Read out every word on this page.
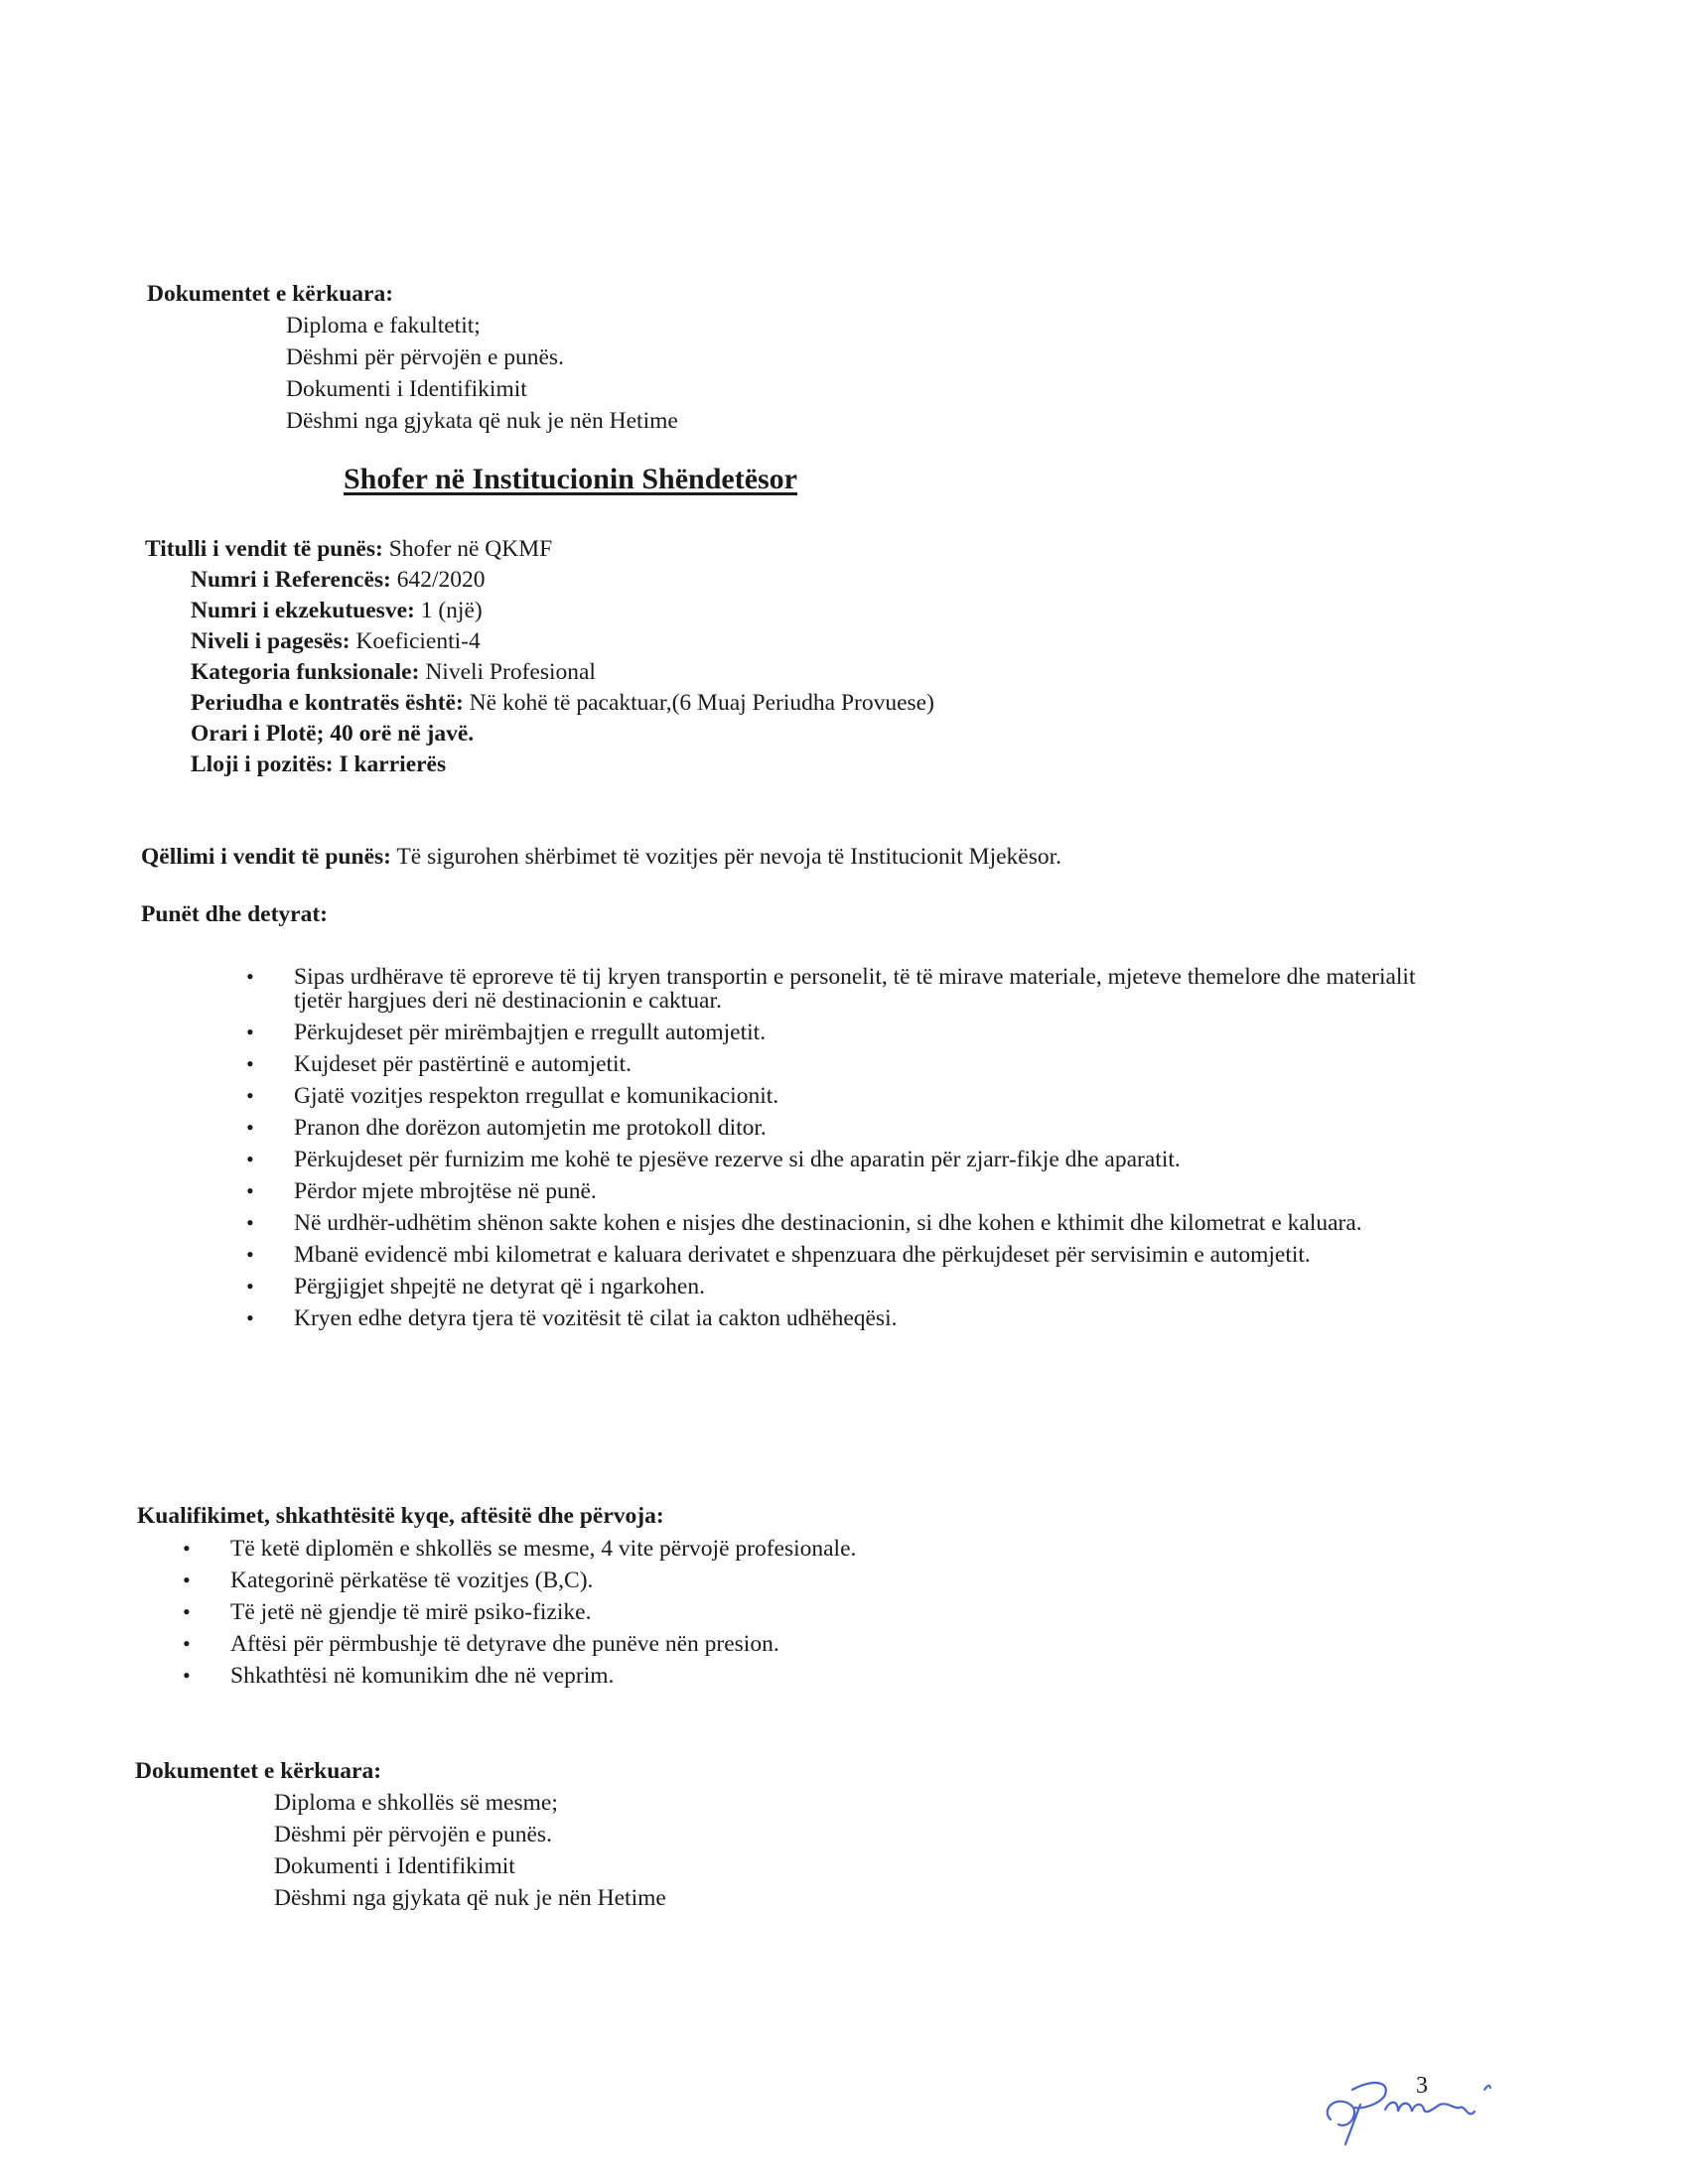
Dokumentet e kërkuara:
Diploma e fakultetit;
Dëshmi për përvojën e punës.
Dokumenti i Identifikimit
Dëshmi nga gjykata që nuk je nën Hetime
Shofer në Institucionin Shëndetësor
Titulli i vendit të punës: Shofer në QKMF
Numri i Referencës: 642/2020
Numri i ekzekutuesve: 1 (një)
Niveli i pagesës: Koeficienti-4
Kategoria funksionale: Niveli Profesional
Periudha e kontratës është: Në kohë të pacaktuar,(6 Muaj Periudha Provuese)
Orari i Plotë; 40 orë në javë.
Lloji i pozitës: I karrierës
Qëllimi i vendit të punës: Të sigurohen shërbimet të vozitjes për nevoja të Institucionit Mjekësor.
Punët dhe detyrat:
• Sipas urdhërave të eproreve të tij kryen transportin e personelit, të të mirave materiale, mjeteve themelore dhe materialit tjetër hargjues deri në destinacionin e caktuar.
• Përkujdeset për mirëmbajtjen e rregullt automjetit.
• Kujdeset për pastërtinë e automjetit.
• Gjatë vozitjes respekton rregullat e komunikacionit.
• Pranon dhe dorëzon automjetin me protokoll ditor.
• Përkujdeset për furnizim me kohë te pjesëve rezerve si dhe aparatin për zjarr-fikje dhe aparatit.
• Përdor mjete mbrojtëse në punë.
• Në urdhër-udhëtim shënon sakte kohen e nisjes dhe destinacionin, si dhe kohen e kthimit dhe kilometrat e kaluara.
• Mbanë evidencë mbi kilometrat e kaluara derivatet e shpenzuara dhe përkujdeset për servisimin e automjetit.
• Përgjigjet shpejtë ne detyrat që i ngarkohen.
• Kryen edhe detyra tjera të vozitësit të cilat ia cakton udhëheqësi.
Kualifikimet, shkathtësitë kyqe, aftësitë dhe përvoja:
• Të ketë diplomën e shkollës se mesme, 4 vite përvojë profesionale.
• Kategorinë përkatëse të vozitjes (B,C).
• Të jetë në gjendje të mirë psiko-fizike.
• Aftësi për përmbushje të detyrave dhe punëve nën presion.
• Shkathtësi në komunikim dhe në veprim.
Dokumentet e kërkuara:
Diploma e shkollës së mesme;
Dëshmi për përvojën e punës.
Dokumenti i Identifikimit
Dëshmi nga gjykata që nuk je nën Hetime
3
